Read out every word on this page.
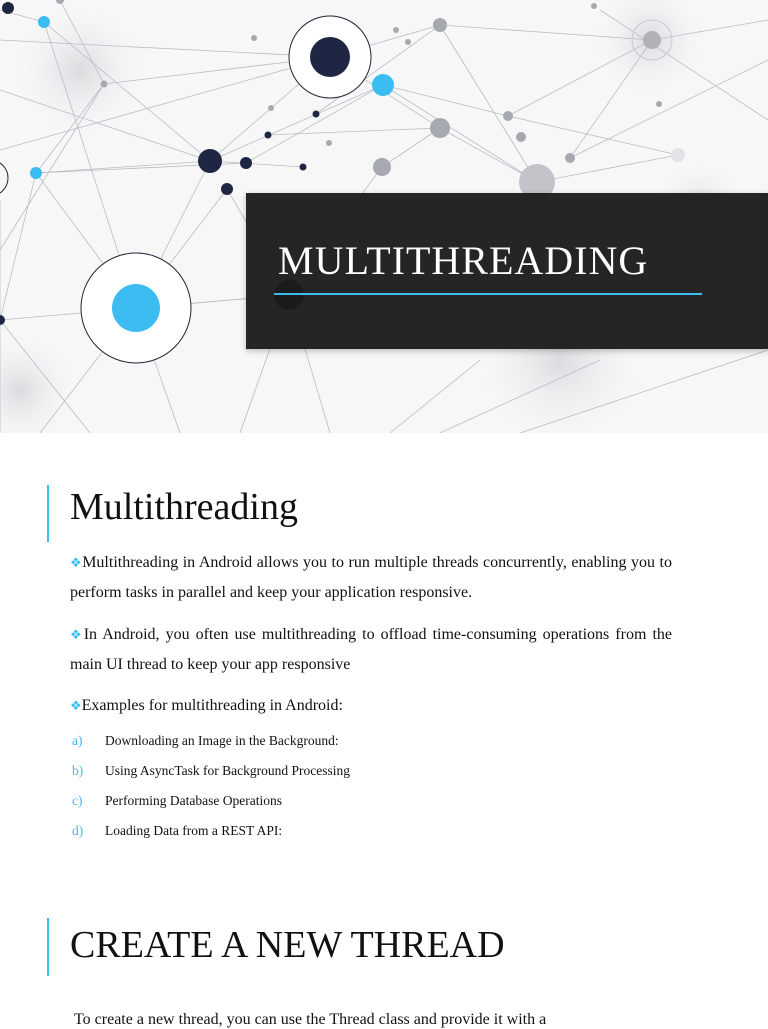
MULTITHREADING
Multithreading
❖Multithreading in Android allows you to run multiple threads concurrently, enabling you to perform tasks in parallel and keep your application responsive.
❖In Android, you often use multithreading to offload time-consuming operations from the main UI thread to keep your app responsive
❖Examples for multithreading in Android:
a)	Downloading an Image in the Background:
b)	Using AsyncTask for Background Processing
c)	Performing Database Operations
d)	Loading Data from a REST API:
CREATE A NEW THREAD
To create a new thread, you can use the Thread class and provide it with a
